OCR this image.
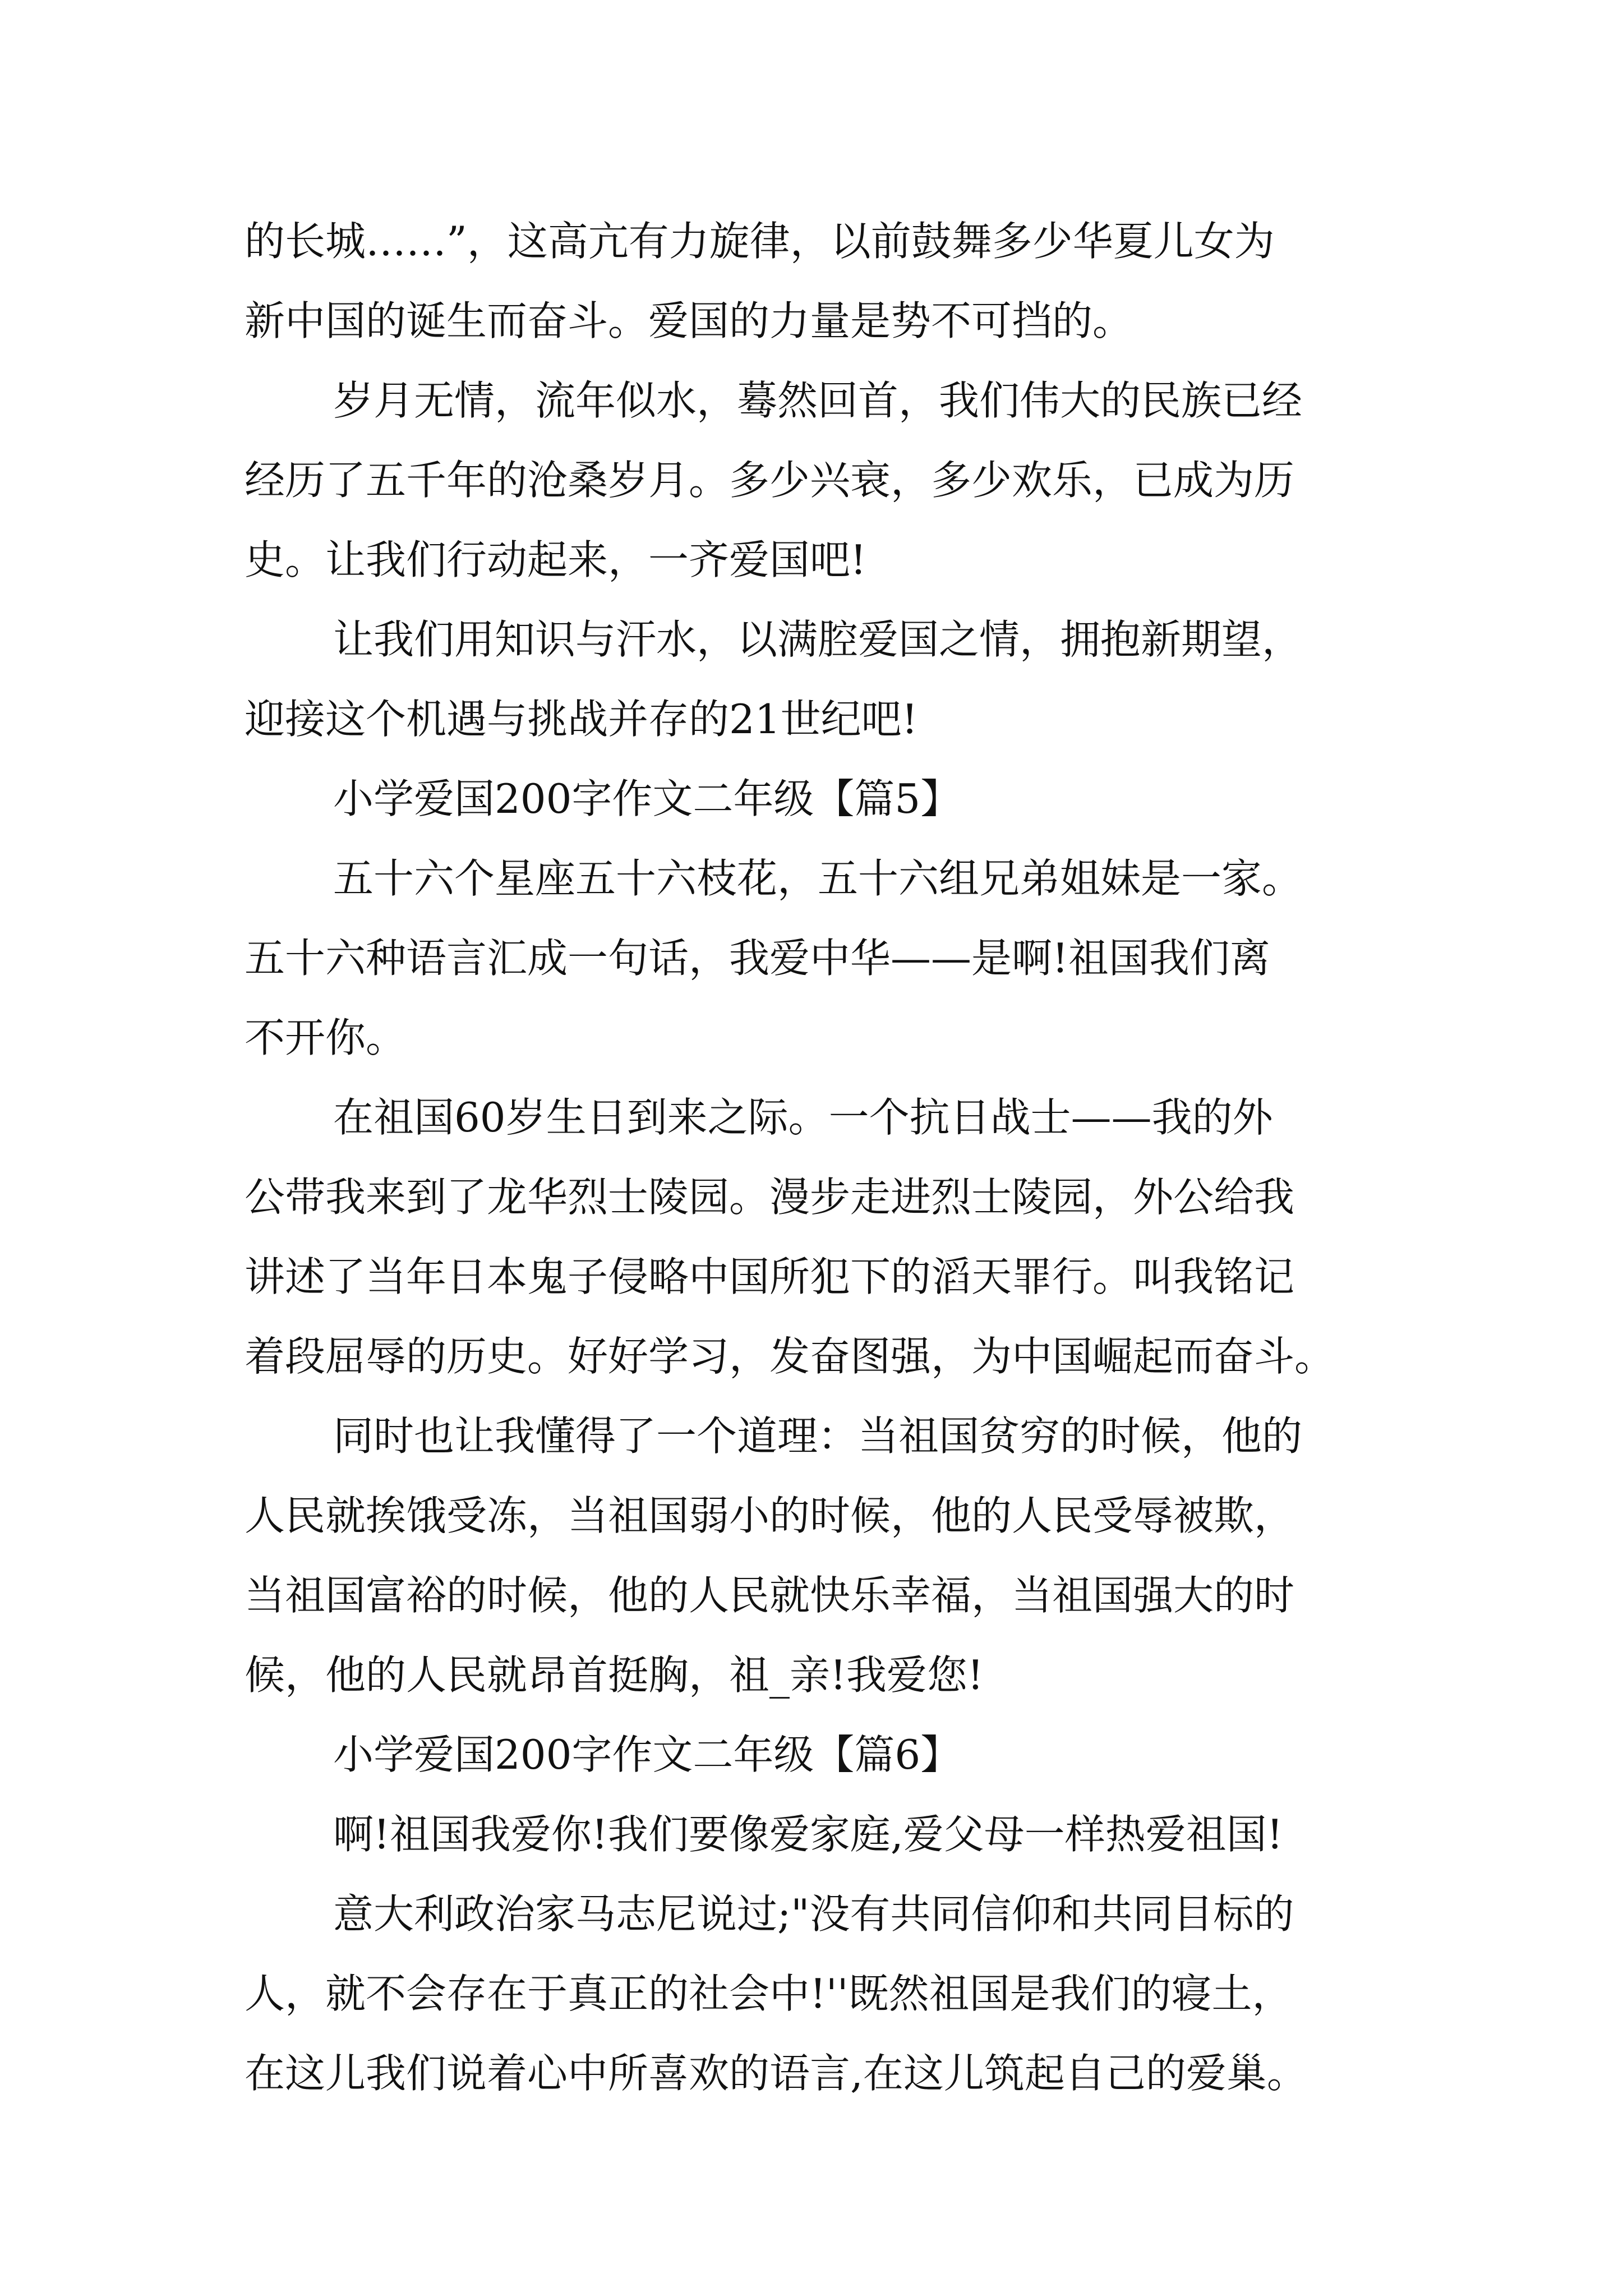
的长城……”，这高亢有力旋律，以前鼓舞多少华夏儿女为
新中国的诞生而奋斗。爱国的力量是势不可挡的。
岁月无情，流年似水，蓦然回首，我们伟大的民族已经
经历了五千年的沧桑岁月。多少兴衰，多少欢乐，已成为历
史。让我们行动起来，一齐爱国吧!
让我们用知识与汗水，以满腔爱国之情，拥抱新期望，
迎接这个机遇与挑战并存的21世纪吧!
小学爱国200字作文二年级【篇5】
五十六个星座五十六枝花，五十六组兄弟姐妹是一家。
五十六种语言汇成一句话，我爱中华——是啊!祖国我们离
不开你。
在祖国60岁生日到来之际。一个抗日战士——我的外
公带我来到了龙华烈士陵园。漫步走进烈士陵园，外公给我
讲述了当年日本鬼子侵略中国所犯下的滔天罪行。叫我铭记
着段屈辱的历史。好好学习，发奋图强，为中国崛起而奋斗。
同时也让我懂得了一个道理：当祖国贫穷的时候，他的
人民就挨饿受冻，当祖国弱小的时候，他的人民受辱被欺，
当祖国富裕的时候，他的人民就快乐幸福，当祖国强大的时
候，他的人民就昂首挺胸，祖_亲!我爱您!
小学爱国200字作文二年级【篇6】
啊!祖国我爱你!我们要像爱家庭,爱父母一样热爱祖国!
意大利政治家马志尼说过;"没有共同信仰和共同目标的
人，就不会存在于真正的社会中!''既然祖国是我们的寝土，
在这儿我们说着心中所喜欢的语言,在这儿筑起自己的爱巢。
